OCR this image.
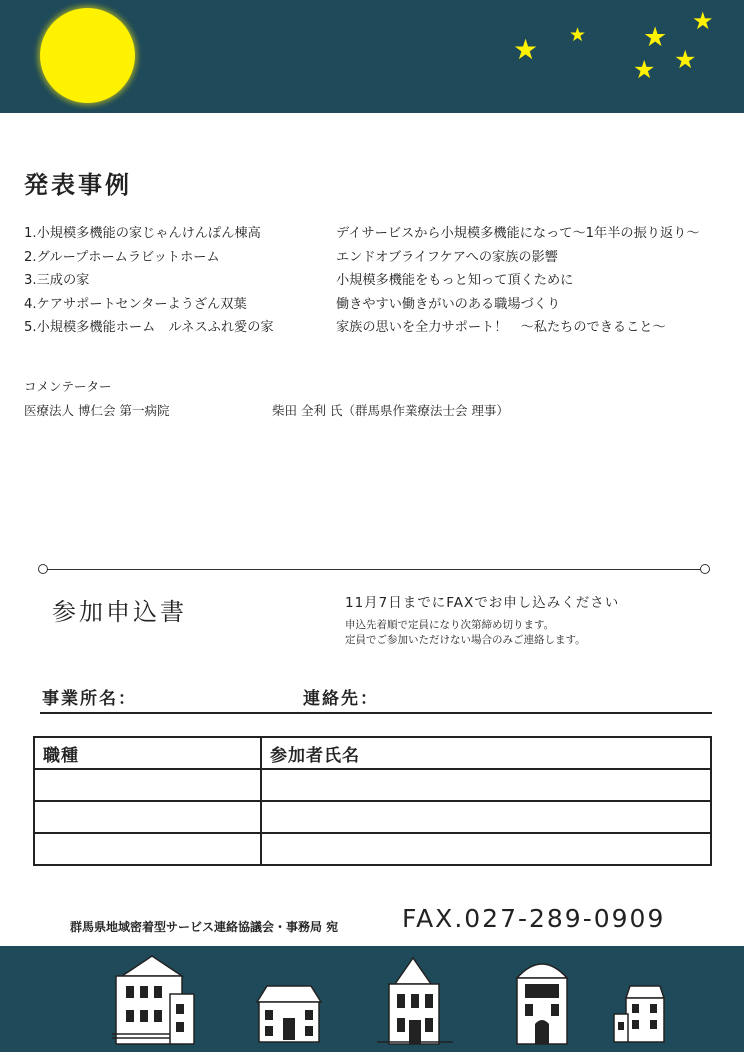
★ ★ ★
★
★
★
発表事例
1.小規模多機能の家じゃんけんぽん棟高	デイサービスから小規模多機能になって〜1年半の振り返り〜
2.グループホームラビットホーム	エンドオブライフケアへの家族の影響
3.三成の家	小規模多機能をもっと知って頂くために
4.ケアサポートセンターようざん双葉	働きやすい働きがいのある職場づくり
5.小規模多機能ホーム　ルネスふれ愛の家	家族の思いを全力サポート！　〜私たちのできること〜
コメンテーター
医療法人 博仁会 第一病院	柴田 全利 氏（群馬県作業療法士会 理事）
参加申込書	11月7日までにFAXでお申し込みください
申込先着順で定員になり次第締め切ります。
定員でご参加いただけない場合のみご連絡します。
事業所名：	連絡先：
職種	参加者氏名

群馬県地域密着型サービス連絡協議会・事務局 宛	FAX.027-289-0909
